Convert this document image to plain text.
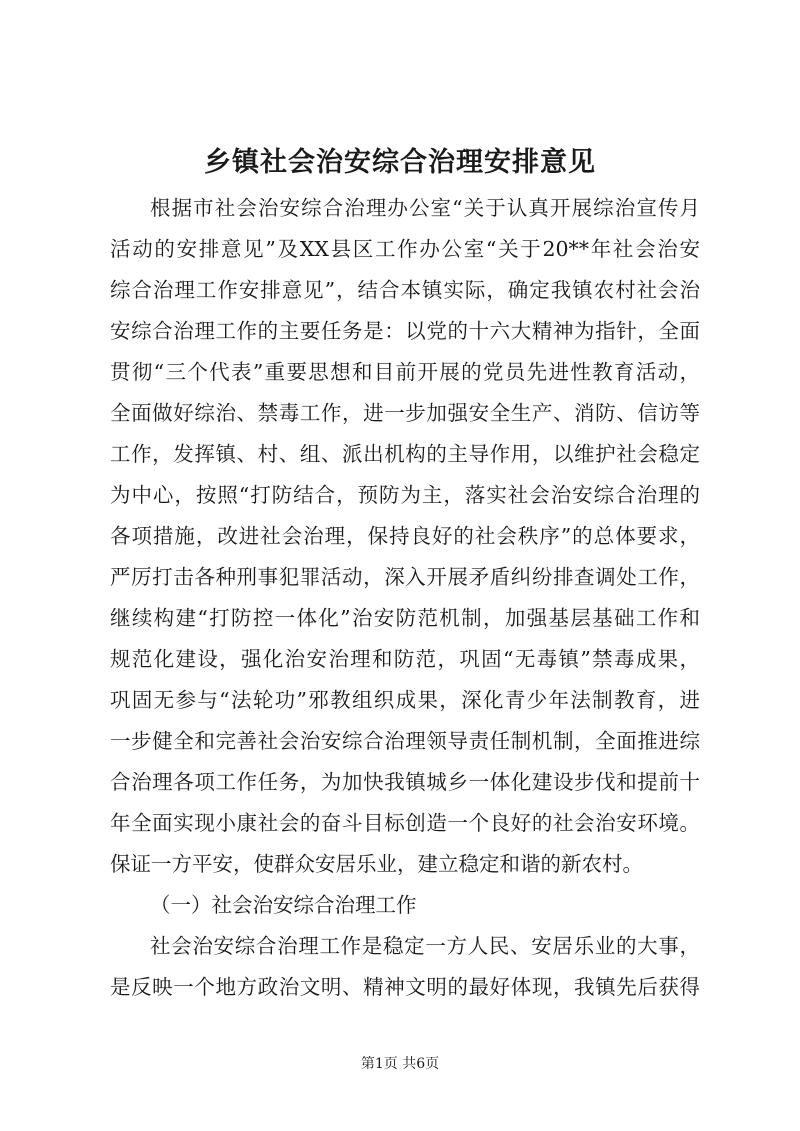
乡镇社会治安综合治理安排意见
根据市社会治安综合治理办公室“关于认真开展综治宣传月
活动的安排意见”及XX县区工作办公室“关于20**年社会治安
综合治理工作安排意见”，结合本镇实际，确定我镇农村社会治
安综合治理工作的主要任务是：以党的十六大精神为指针，全面
贯彻“三个代表”重要思想和目前开展的党员先进性教育活动，
全面做好综治、禁毒工作，进一步加强安全生产、消防、信访等
工作，发挥镇、村、组、派出机构的主导作用，以维护社会稳定
为中心，按照“打防结合，预防为主，落实社会治安综合治理的
各项措施，改进社会治理，保持良好的社会秩序”的总体要求，
严厉打击各种刑事犯罪活动，深入开展矛盾纠纷排查调处工作，
继续构建“打防控一体化”治安防范机制，加强基层基础工作和
规范化建设，强化治安治理和防范，巩固“无毒镇”禁毒成果，
巩固无参与“法轮功”邪教组织成果，深化青少年法制教育，进
一步健全和完善社会治安综合治理领导责任制机制，全面推进综
合治理各项工作任务，为加快我镇城乡一体化建设步伐和提前十
年全面实现小康社会的奋斗目标创造一个良好的社会治安环境。
保证一方平安，使群众安居乐业，建立稳定和谐的新农村。
（一）社会治安综合治理工作
社会治安综合治理工作是稳定一方人民、安居乐业的大事，
是反映一个地方政治文明、精神文明的最好体现，我镇先后获得
第1页 共6页
